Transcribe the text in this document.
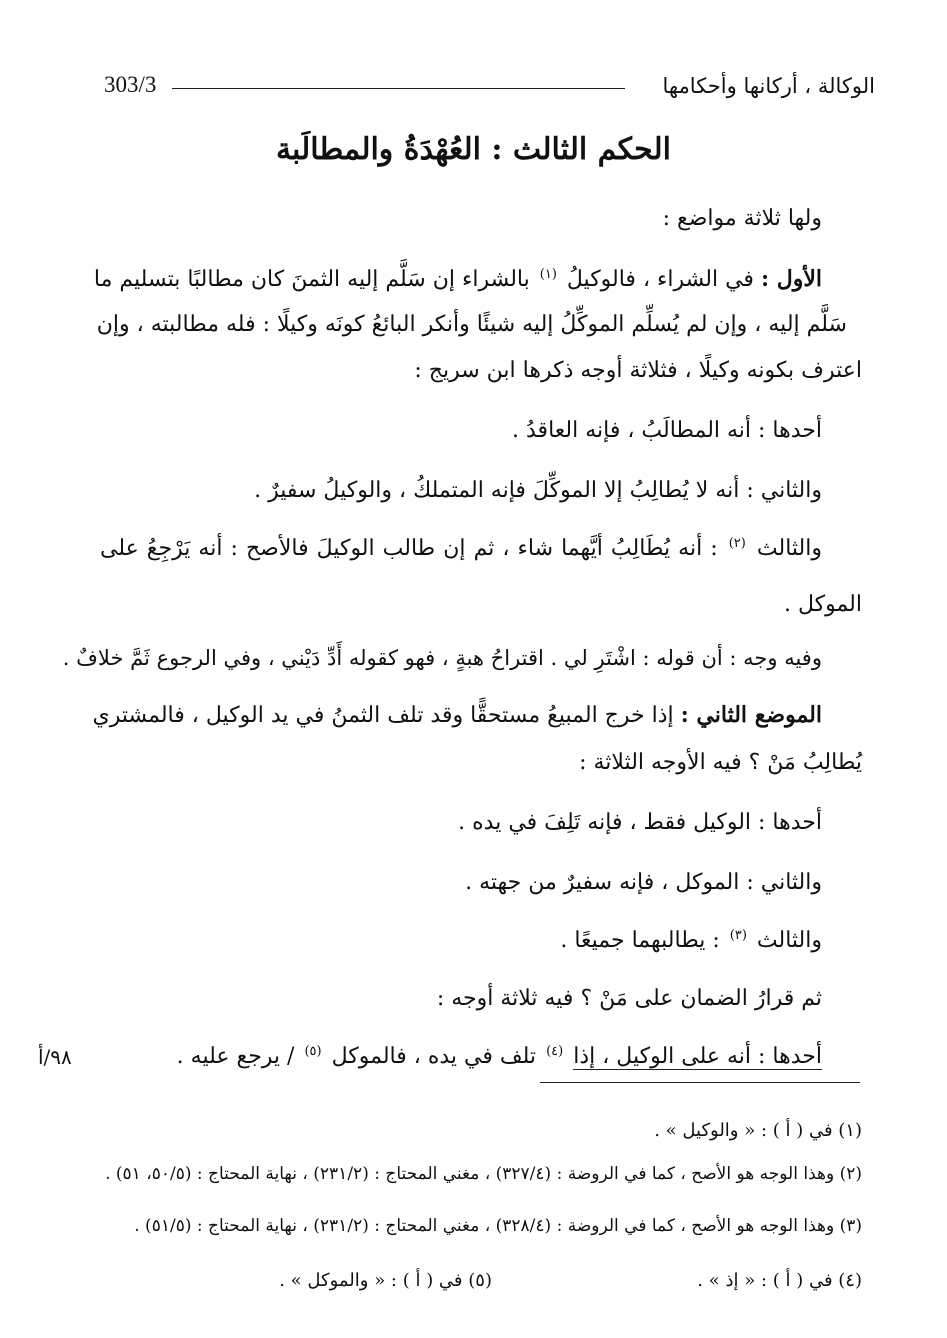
الوكالة ، أركانها وأحكامها
303/3
الحكم الثالث : العُهْدَةُ والمطالَبة
ولها ثلاثة مواضع :
الأول : في الشراء ، فالوكيلُ $^{(١)}$ بالشراء إن سَلَّم إليه الثمنَ كان مطالبًا بتسليم ما
سَلَّم إليه ، وإن لم يُسلِّم الموكِّلُ إليه شيئًا وأنكر البائعُ كونَه وكيلًا : فله مطالبته ، وإن
اعترف بكونه وكيلًا ، فثلاثة أوجه ذكرها ابن سريج :
أحدها : أنه المطالَبُ ، فإنه العاقدُ .
والثاني : أنه لا يُطالِبُ إلا الموكِّلَ فإنه المتملكُ ، والوكيلُ سفيرٌ .
والثالث $^{(٢)}$ : أنه يُطَالِبُ أيَّهما شاء ، ثم إن طالب الوكيلَ فالأصح : أنه يَرْجِعُ على
الموكل .
وفيه وجه : أن قوله : اشْتَرِ لي . اقتراحُ هبةٍ ، فهو كقوله أَدِّ دَيْني ، وفي الرجوع ثَمَّ خلافٌ .
الموضع الثاني : إذا خرج المبيعُ مستحقًّا وقد تلف الثمنُ في يد الوكيل ، فالمشتري
يُطالِبُ مَنْ ؟ فيه الأوجه الثلاثة :
أحدها : الوكيل فقط ، فإنه تَلِفَ في يده .
والثاني : الموكل ، فإنه سفيرٌ من جهته .
والثالث $^{(٣)}$ : يطالبهما جميعًا .
ثم قرارُ الضمان على مَنْ ؟ فيه ثلاثة أوجه :
أحدها : أنه على الوكيل ، إذا $^{(٤)}$ تلف في يده ، فالموكل $^{(٥)}$ / يرجع عليه .
٩٨/أ
(١) في ( أ ) : « والوكيل » .
(٢) وهذا الوجه هو الأصح ، كما في الروضة : (٣٢٧/٤) ، مغني المحتاج : (٢٣١/٢) ، نهاية المحتاج : (٥٠/٥، ٥١) .
(٣) وهذا الوجه هو الأصح ، كما في الروضة : (٣٢٨/٤) ، مغني المحتاج : (٢٣١/٢) ، نهاية المحتاج : (٥١/٥) .
(٤) في ( أ ) : « إذ » .
(٥) في ( أ ) : « والموكل » .
